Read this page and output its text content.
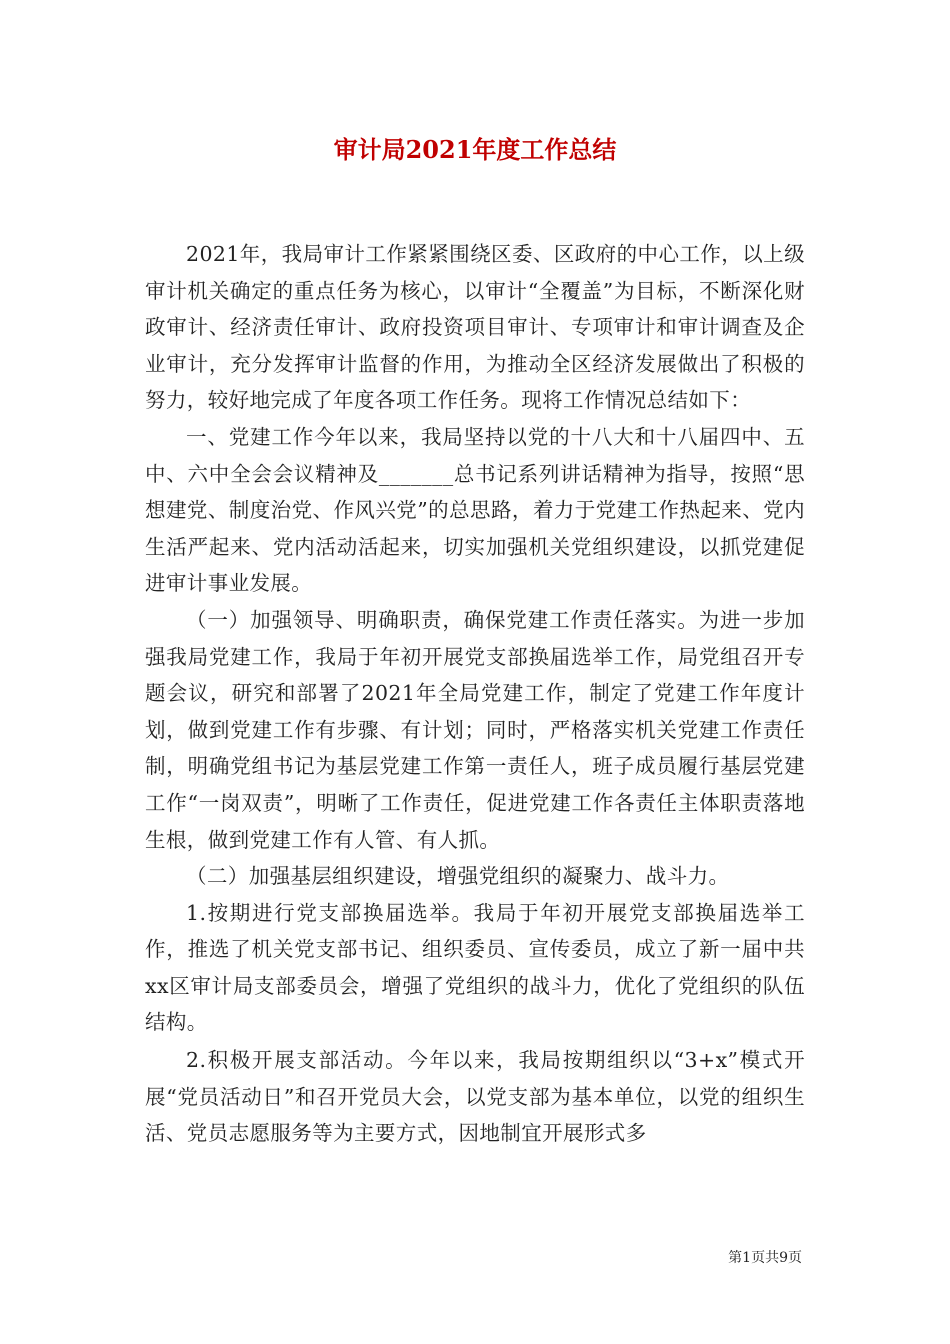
审计局2021年度工作总结

2021年，我局审计工作紧紧围绕区委、区政府的中心工作，以上级审计机关确定的重点任务为核心，以审计“全覆盖”为目标，不断深化财政审计、经济责任审计、政府投资项目审计、专项审计和审计调查及企业审计，充分发挥审计监督的作用，为推动全区经济发展做出了积极的努力，较好地完成了年度各项工作任务。现将工作情况总结如下：

一、党建工作今年以来，我局坚持以党的十八大和十八届四中、五中、六中全会会议精神及_______总书记系列讲话精神为指导，按照“思想建党、制度治党、作风兴党”的总思路，着力于党建工作热起来、党内生活严起来、党内活动活起来，切实加强机关党组织建设，以抓党建促进审计事业发展。

（一）加强领导、明确职责，确保党建工作责任落实。为进一步加强我局党建工作，我局于年初开展党支部换届选举工作，局党组召开专题会议，研究和部署了2021年全局党建工作，制定了党建工作年度计划，做到党建工作有步骤、有计划；同时，严格落实机关党建工作责任制，明确党组书记为基层党建工作第一责任人，班子成员履行基层党建工作“一岗双责”，明晰了工作责任，促进党建工作各责任主体职责落地生根，做到党建工作有人管、有人抓。

（二）加强基层组织建设，增强党组织的凝聚力、战斗力。

1.按期进行党支部换届选举。我局于年初开展党支部换届选举工作，推选了机关党支部书记、组织委员、宣传委员，成立了新一届中共xx区审计局支部委员会，增强了党组织的战斗力，优化了党组织的队伍结构。

2.积极开展支部活动。今年以来，我局按期组织以“3+x”模式开展“党员活动日”和召开党员大会，以党支部为基本单位，以党的组织生活、党员志愿服务等为主要方式，因地制宜开展形式多

第1页共9页
